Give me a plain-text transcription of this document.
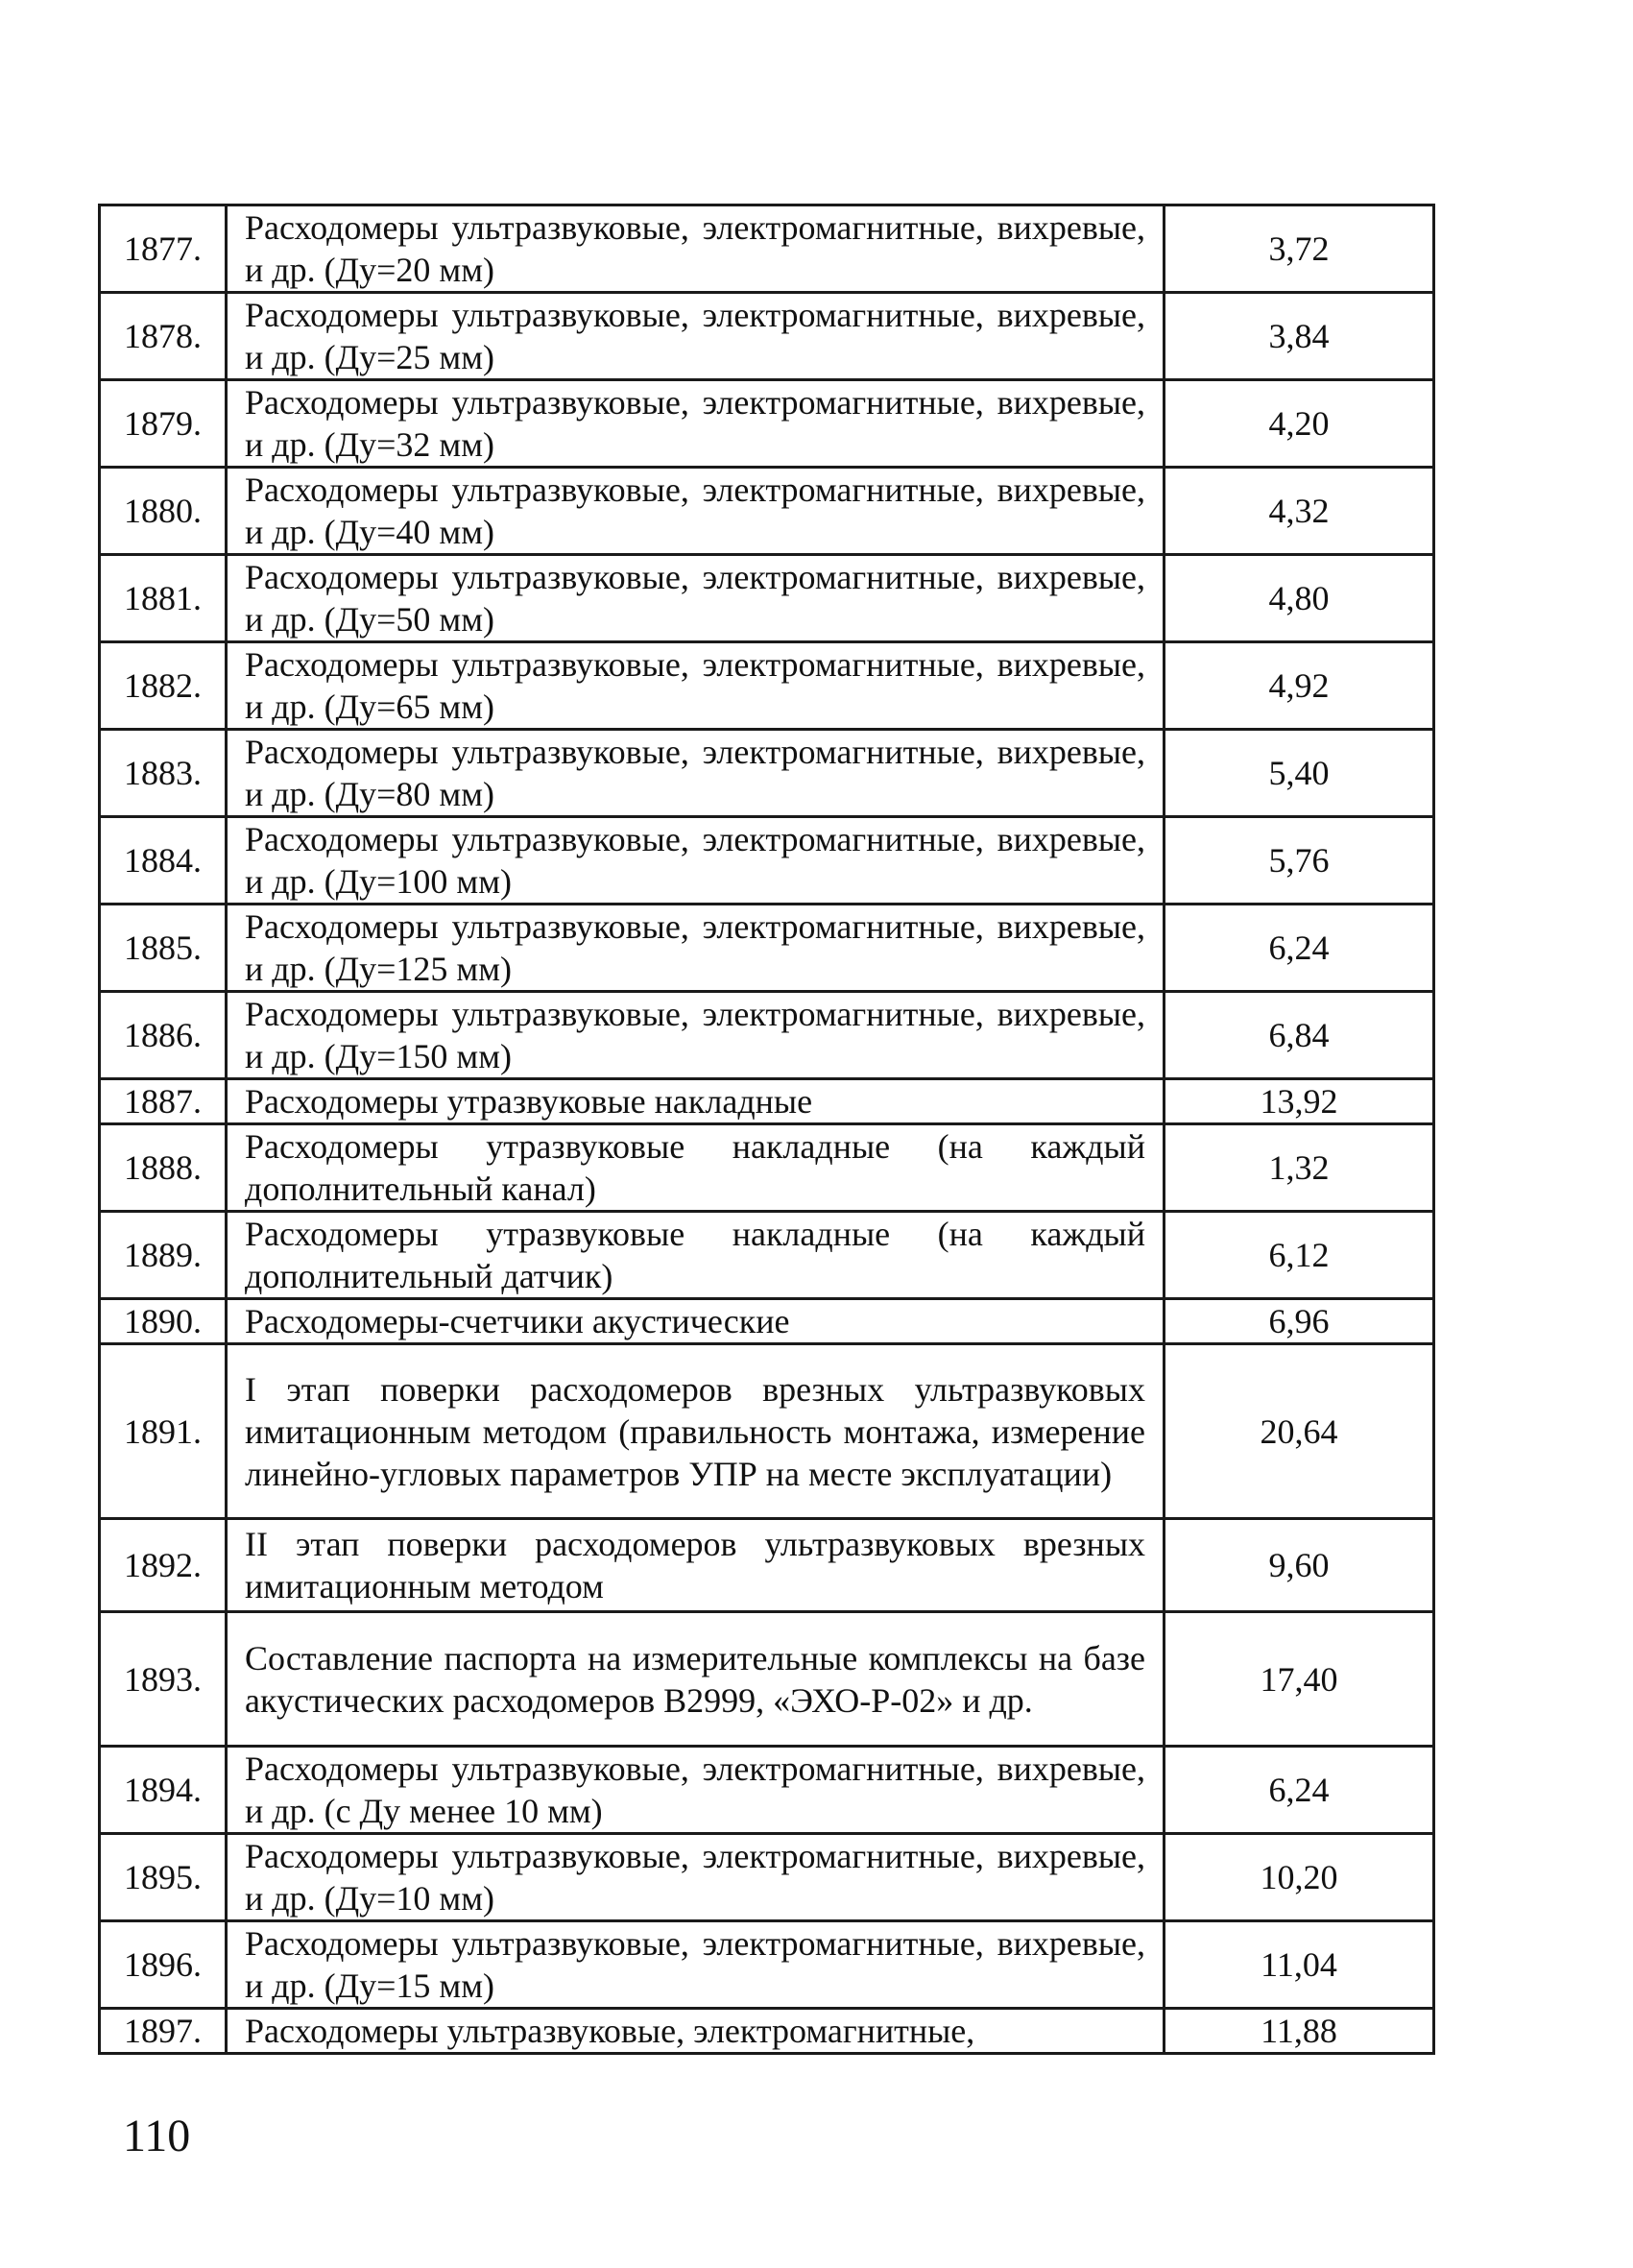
1877.	Расходомеры ультразвуковые, электромагнитные, вихревые, и др. (Ду=20 мм)	3,72
1878.	Расходомеры ультразвуковые, электромагнитные, вихревые, и др. (Ду=25 мм)	3,84
1879.	Расходомеры ультразвуковые, электромагнитные, вихревые, и др. (Ду=32 мм)	4,20
1880.	Расходомеры ультразвуковые, электромагнитные, вихревые, и др. (Ду=40 мм)	4,32
1881.	Расходомеры ультразвуковые, электромагнитные, вихревые, и др. (Ду=50 мм)	4,80
1882.	Расходомеры ультразвуковые, электромагнитные, вихревые, и др. (Ду=65 мм)	4,92
1883.	Расходомеры ультразвуковые, электромагнитные, вихревые, и др. (Ду=80 мм)	5,40
1884.	Расходомеры ультразвуковые, электромагнитные, вихревые, и др. (Ду=100 мм)	5,76
1885.	Расходомеры ультразвуковые, электромагнитные, вихревые, и др. (Ду=125 мм)	6,24
1886.	Расходомеры ультразвуковые, электромагнитные, вихревые, и др. (Ду=150 мм)	6,84
1887.	Расходомеры утразвуковые накладные	13,92
1888.	Расходомеры утразвуковые накладные (на каждый дополнительный канал)	1,32
1889.	Расходомеры утразвуковые накладные (на каждый дополнительный датчик)	6,12
1890.	Расходомеры-счетчики акустические	6,96
1891.	I этап поверки расходомеров врезных ультразвуковых имитационным методом (правильность монтажа, измерение линейно-угловых параметров УПР на месте эксплуатации)	20,64
1892.	II этап поверки расходомеров ультразвуковых врезных имитационным методом	9,60
1893.	Составление паспорта на измерительные комплексы на базе акустических расходомеров В2999, «ЭХО-Р-02» и др.	17,40
1894.	Расходомеры ультразвуковые, электромагнитные, вихревые, и др. (с Ду менее 10 мм)	6,24
1895.	Расходомеры ультразвуковые, электромагнитные, вихревые, и др. (Ду=10 мм)	10,20
1896.	Расходомеры ультразвуковые, электромагнитные, вихревые, и др. (Ду=15 мм)	11,04
1897.	Расходомеры ультразвуковые, электромагнитные,	11,88
110
